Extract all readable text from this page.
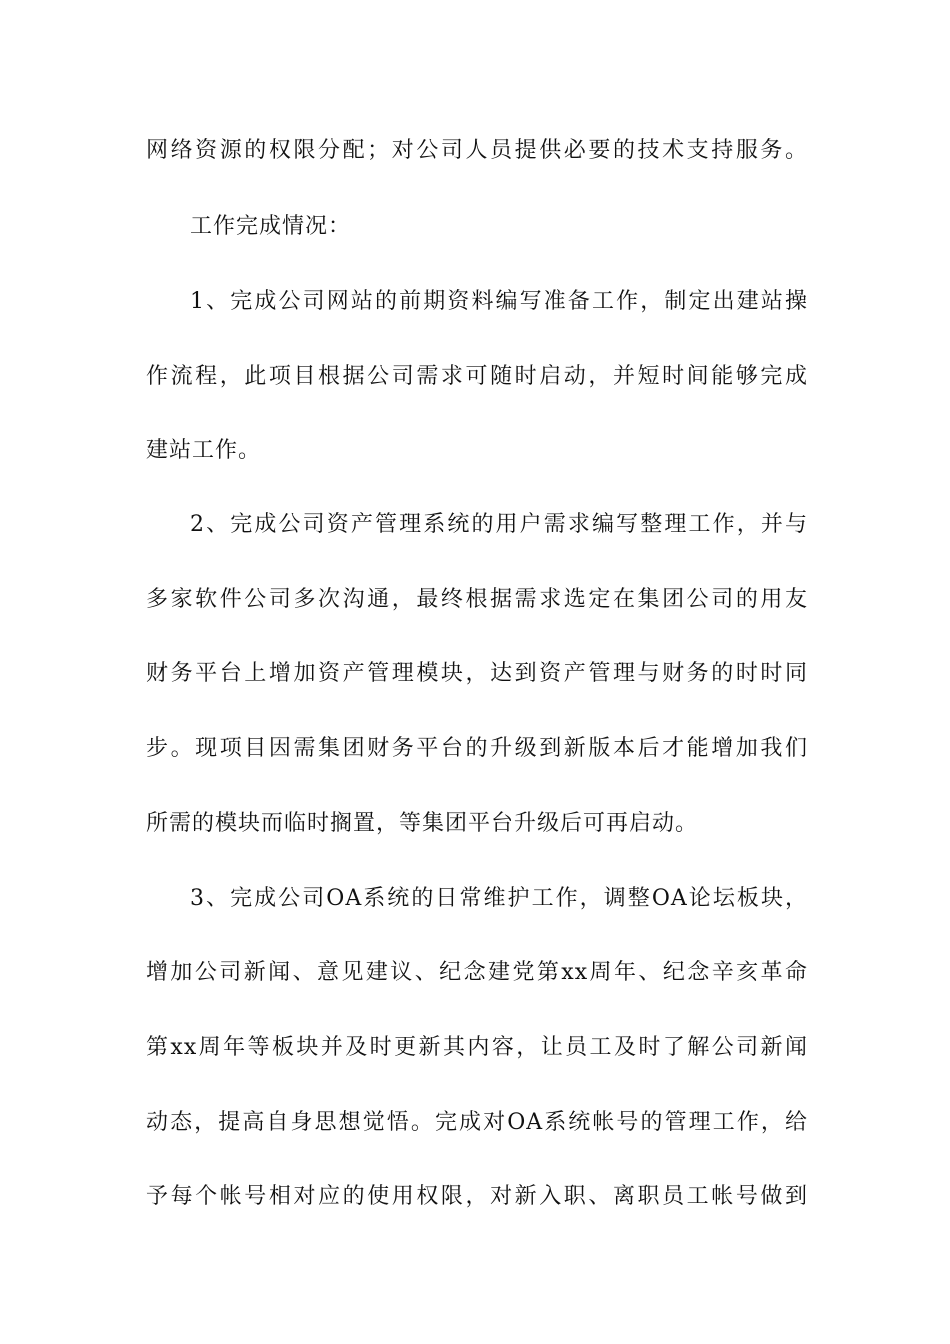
网络资源的权限分配；对公司人员提供必要的技术支持服务。
工作完成情况：
1、完成公司网站的前期资料编写准备工作，制定出建站操
作流程，此项目根据公司需求可随时启动，并短时间能够完成
建站工作。
2、完成公司资产管理系统的用户需求编写整理工作，并与
多家软件公司多次沟通，最终根据需求选定在集团公司的用友
财务平台上增加资产管理模块，达到资产管理与财务的时时同
步。现项目因需集团财务平台的升级到新版本后才能增加我们
所需的模块而临时搁置，等集团平台升级后可再启动。
3、完成公司OA系统的日常维护工作，调整OA论坛板块，
增加公司新闻、意见建议、纪念建党第xx周年、纪念辛亥革命
第xx周年等板块并及时更新其内容，让员工及时了解公司新闻
动态，提高自身思想觉悟。完成对OA系统帐号的管理工作，给
予每个帐号相对应的使用权限，对新入职、离职员工帐号做到
